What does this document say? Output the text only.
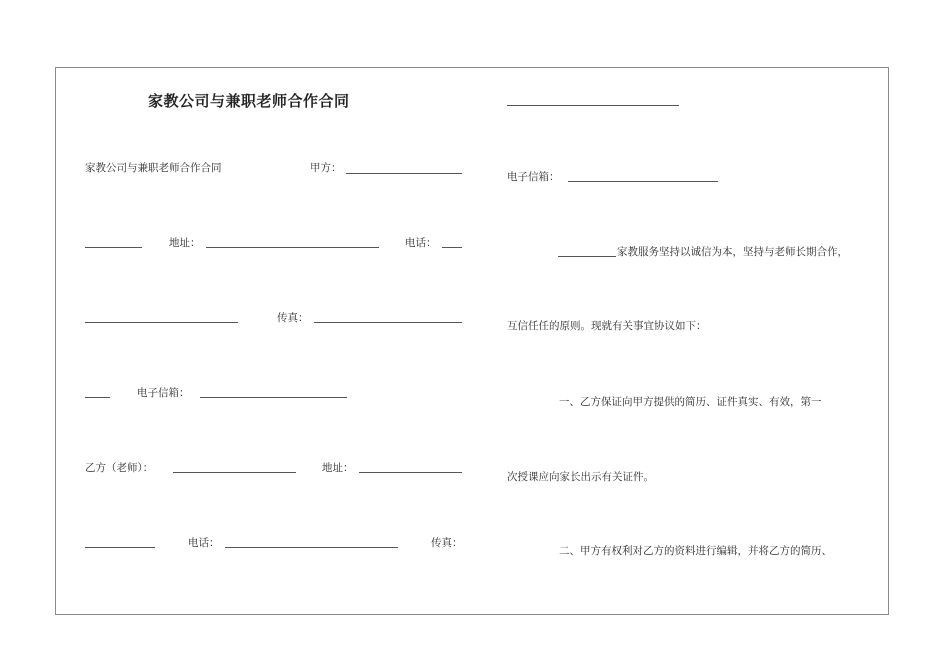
家教公司与兼职老师合作合同
家教公司与兼职老师合作合同	甲方：
地址：	电话：
传真：
电子信箱：
乙方（老师）：	地址：
电话：	传真：
电子信箱：
家教服务坚持以诚信为本，坚持与老师长期合作，
互信任任的原则。现就有关事宜协议如下：
一、乙方保证向甲方提供的简历、证件真实、有效，第一
次授课应向家长出示有关证件。
二、甲方有权利对乙方的资料进行编辑，并将乙方的简历、
